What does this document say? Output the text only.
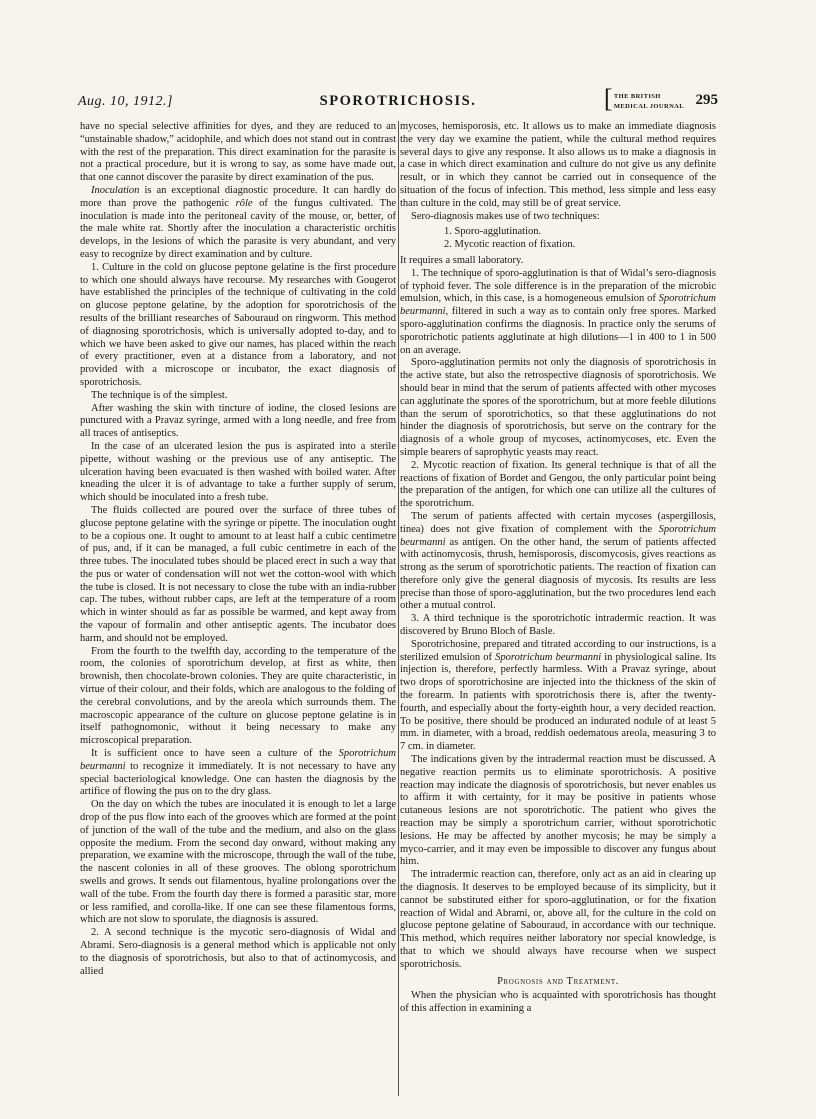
Aug. 10, 1912.]	SPOROTRICHOSIS.	[ THE BRITISH
MEDICAL JOURNAL 295

have no special selective affinities for dyes, and they are reduced to an “unstainable shadow,” acidophile, and which does not stand out in contrast with the rest of the preparation. This direct examination for the parasite is not a practical procedure, but it is wrong to say, as some have made out, that one cannot discover the parasite by direct examination of the pus.

Inoculation is an exceptional diagnostic procedure. It can hardly do more than prove the pathogenic rôle of the fungus cultivated. The inoculation is made into the peritoneal cavity of the mouse, or, better, of the male white rat. Shortly after the inoculation a characteristic orchitis develops, in the lesions of which the parasite is very abundant, and very easy to recognize by direct examination and by culture.

1. Culture in the cold on glucose peptone gelatine is the first procedure to which one should always have recourse. My researches with Gougerot have established the principles of the technique of cultivating in the cold on glucose peptone gelatine, by the adoption for sporotrichosis of the results of the brilliant researches of Sabouraud on ringworm. This method of diagnosing sporotrichosis, which is universally adopted to-day, and to which we have been asked to give our names, has placed within the reach of every practitioner, even at a distance from a laboratory, and not provided with a microscope or incubator, the exact diagnosis of sporotrichosis.

The technique is of the simplest.

After washing the skin with tincture of iodine, the closed lesions are punctured with a Pravaz syringe, armed with a long needle, and free from all traces of antiseptics.

In the case of an ulcerated lesion the pus is aspirated into a sterile pipette, without washing or the previous use of any antiseptic. The ulceration having been evacuated is then washed with boiled water. After kneading the ulcer it is of advantage to take a further supply of serum, which should be inoculated into a fresh tube.

The fluids collected are poured over the surface of three tubes of glucose peptone gelatine with the syringe or pipette. The inoculation ought to be a copious one. It ought to amount to at least half a cubic centimetre of pus, and, if it can be managed, a full cubic centimetre in each of the three tubes. The inoculated tubes should be placed erect in such a way that the pus or water of condensation will not wet the cotton-wool with which the tube is closed. It is not necessary to close the tube with an india-rubber cap. The tubes, without rubber caps, are left at the temperature of a room which in winter should as far as possible be warmed, and kept away from the vapour of formalin and other antiseptic agents. The incubator does harm, and should not be employed.

From the fourth to the twelfth day, according to the temperature of the room, the colonies of sporotrichum develop, at first as white, then brownish, then chocolate-brown colonies. They are quite characteristic, in virtue of their colour, and their folds, which are analogous to the folding of the cerebral convolutions, and by the areola which surrounds them. The macroscopic appearance of the culture on glucose peptone gelatine is in itself pathognomonic, without it being necessary to make any microscopical preparation.

It is sufficient once to have seen a culture of the Sporotrichum beurmanni to recognize it immediately. It is not necessary to have any special bacteriological knowledge. One can hasten the diagnosis by the artifice of flowing the pus on to the dry glass.

On the day on which the tubes are inoculated it is enough to let a large drop of the pus flow into each of the grooves which are formed at the point of junction of the wall of the tube and the medium, and also on the glass opposite the medium. From the second day onward, without making any preparation, we examine with the microscope, through the wall of the tube, the nascent colonies in all of these grooves. The oblong sporotrichum swells and grows. It sends out filamentous, hyaline prolongations over the wall of the tube. From the fourth day there is formed a parasitic star, more or less ramified, and corolla-like. If one can see these filamentous forms, which are not slow to sporulate, the diagnosis is assured.

2. A second technique is the mycotic sero-diagnosis of Widal and Abrami. Sero-diagnosis is a general method which is applicable not only to the diagnosis of sporotrichosis, but also to that of actinomycosis, and allied

mycoses, hemisporosis, etc. It allows us to make an immediate diagnosis the very day we examine the patient, while the cultural method requires several days to give any response. It also allows us to make a diagnosis in a case in which direct examination and culture do not give us any definite result, or in which they cannot be carried out in consequence of the situation of the focus of infection. This method, less simple and less easy than culture in the cold, may still be of great service.

Sero-diagnosis makes use of two techniques:

1. Sporo-agglutination.
2. Mycotic reaction of fixation.

It requires a small laboratory.

1. The technique of sporo-agglutination is that of Widal’s sero-diagnosis of typhoid fever. The sole difference is in the preparation of the microbic emulsion, which, in this case, is a homogeneous emulsion of Sporotrichum beurmanni, filtered in such a way as to contain only free spores. Marked sporo-agglutination confirms the diagnosis. In practice only the serums of sporotrichotic patients agglutinate at high dilutions—1 in 400 to 1 in 500 on an average.

Sporo-agglutination permits not only the diagnosis of sporotrichosis in the active state, but also the retrospective diagnosis of sporotrichosis. We should bear in mind that the serum of patients affected with other mycoses can agglutinate the spores of the sporotrichum, but at more feeble dilutions than the serum of sporotrichotics, so that these agglutinations do not hinder the diagnosis of sporotrichosis, but serve on the contrary for the diagnosis of a whole group of mycoses, actinomycoses, etc. Even the simple bearers of saprophytic yeasts may react.

2. Mycotic reaction of fixation. Its general technique is that of all the reactions of fixation of Bordet and Gengou, the only particular point being the preparation of the antigen, for which one can utilize all the cultures of the sporotrichum.

The serum of patients affected with certain mycoses (aspergillosis, tinea) does not give fixation of complement with the Sporotrichum beurmanni as antigen. On the other hand, the serum of patients affected with actinomycosis, thrush, hemisporosis, discomycosis, gives reactions as strong as the serum of sporotrichotic patients. The reaction of fixation can therefore only give the general diagnosis of mycosis. Its results are less precise than those of sporo-agglutination, but the two procedures lend each other a mutual control.

3. A third technique is the sporotrichotic intradermic reaction. It was discovered by Bruno Bloch of Basle.

Sporotrichosine, prepared and titrated according to our instructions, is a sterilized emulsion of Sporotrichum beurmanni in physiological saline. Its injection is, therefore, perfectly harmless. With a Pravaz syringe, about two drops of sporotrichosine are injected into the thickness of the skin of the forearm. In patients with sporotrichosis there is, after the twenty-fourth, and especially about the forty-eighth hour, a very decided reaction. To be positive, there should be produced an indurated nodule of at least 5 mm. in diameter, with a broad, reddish oedematous areola, measuring 3 to 7 cm. in diameter.

The indications given by the intradermal reaction must be discussed. A negative reaction permits us to eliminate sporotrichosis. A positive reaction may indicate the diagnosis of sporotrichosis, but never enables us to affirm it with certainty, for it may be positive in patients whose cutaneous lesions are not sporotrichotic. The patient who gives the reaction may be simply a sporotrichum carrier, without sporotrichotic lesions. He may be affected by another mycosis; he may be simply a myco-carrier, and it may even be impossible to discover any fungus about him.

The intradermic reaction can, therefore, only act as an aid in clearing up the diagnosis. It deserves to be employed because of its simplicity, but it cannot be substituted either for sporo-agglutination, or for the fixation reaction of Widal and Abrami, or, above all, for the culture in the cold on glucose peptone gelatine of Sabouraud, in accordance with our technique. This method, which requires neither laboratory nor special knowledge, is that to which we should always have recourse when we suspect sporotrichosis.

Prognosis and Treatment.

When the physician who is acquainted with sporotrichosis has thought of this affection in examining a
